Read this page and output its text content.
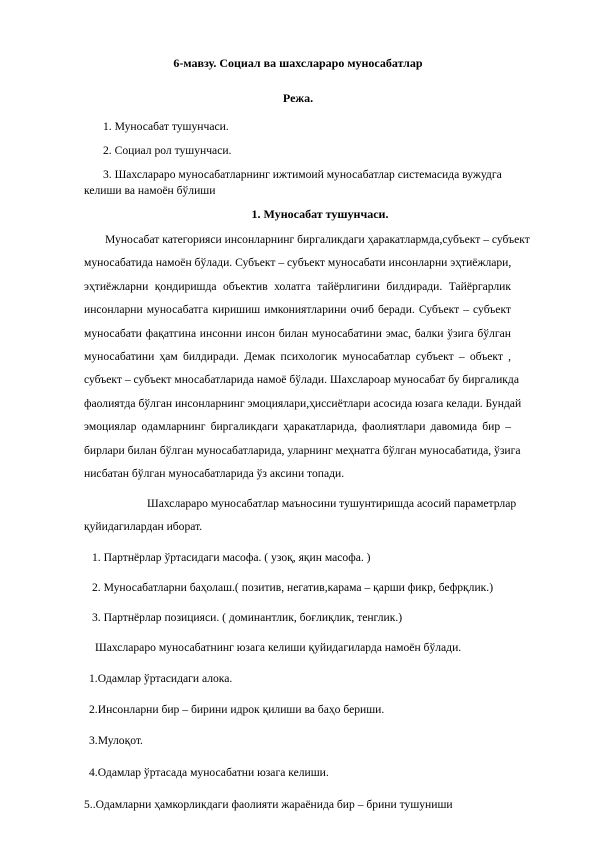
6-мавзу. Социал ва шахслараро муносабатлар
Режа.
1. Муносабат тушунчаси.
2. Социал рол тушунчаси.
3. Шахслараро муносабатларнинг ижтимоий муносабатлар системасида вужудга
келиши ва намоён бўлиши
1. Муносабат тушунчаси.
Муносабат категорияси инсонларнинг биргаликдаги ҳаракатлармда,субъект – субъект
муносабатида намоён бўлади. Субъект – субъект муносабати инсонларни эҳтиёжлари,
эҳтиёжларни қондиришда объектив холатга тайёрлигини билдиради. Тайёргарлик
инсонларни муносабатга киришиш имкониятларини очиб беради. Субъект – субъект
муносабати фақатгина инсонни инсон билан муносабатини эмас, балки ўзига бўлган
муносабатини ҳам билдиради. Демак психологик муносабатлар субъект – объект ,
субъект – субъект мносабатларида намоё бўлади. Шахслароар муносабат бу биргаликда
фаолиятда бўлган инсонларнинг эмоциялари,ҳиссиётлари асосида юзага келади. Бундай
эмоциялар одамларнинг биргаликдаги ҳаракатларида, фаолиятлари давомида бир –
бирлари билан бўлган муносабатларида, уларнинг меҳнатга бўлган муносабатида, ўзига
нисбатан бўлган муносабатларида ўз аксини топади.
Шахслараро муносабатлар маъносини тушунтиришда асосий параметрлар
қуйидагилардан иборат.
1. Партнёрлар ўртасидаги масофа. ( узоқ, яқин масофа. )
2. Муносабатларни баҳолаш.( позитив, негатив,карама – қарши фикр, бефрқлик.)
3. Партнёрлар позицияси. ( доминантлик, боғлиқлик, тенглик.)
Шахслараро муносабатнинг юзага келиши қуйидагиларда намоён бўлади.
1.Одамлар ўртасидаги алока.
2.Инсонларни бир – бирини идрок қилиши ва баҳо бериши.
3.Мулоқот.
4.Одамлар ўртасада муносабатни юзага келиши.
5..Одамларни ҳамкорликдаги фаолияти жараёнида бир – брини тушуниши
